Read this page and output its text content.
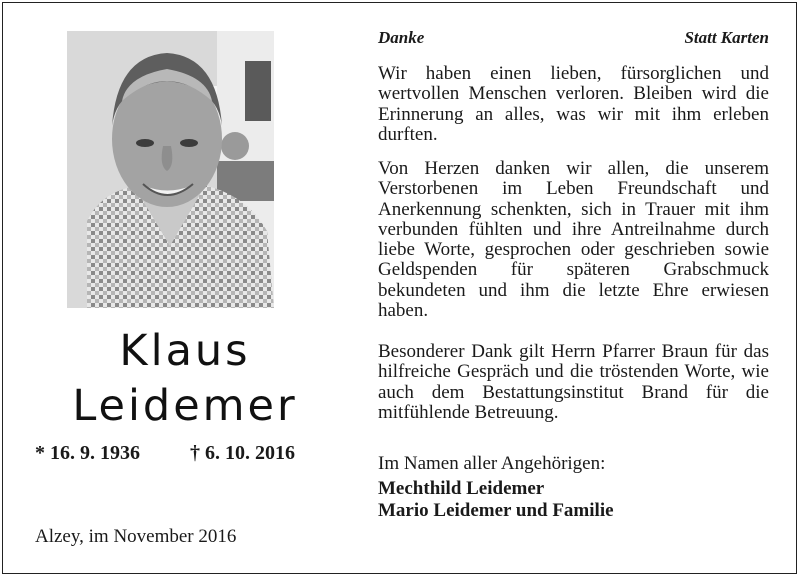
Klaus
Leidemer
* 16. 9. 1936	† 6. 10. 2016
Alzey, im November 2016
Danke	Statt Karten

Wir haben einen lieben, fürsorglichen und wertvollen Menschen verloren. Bleiben wird die Erinnerung an alles, was wir mit ihm erleben durften.

Von Herzen danken wir allen, die unserem Verstorbenen im Leben Freundschaft und Anerkennung schenkten, sich in Trauer mit ihm verbunden fühlten und ihre Antreilnahme durch liebe Worte, gesprochen oder geschrieben sowie Geldspenden für späteren Grabschmuck bekundeten und ihm die letzte Ehre erwiesen haben.

Besonderer Dank gilt Herrn Pfarrer Braun für das hilfreiche Gespräch und die tröstenden Worte, wie auch dem Bestattungsinstitut Brand für die mitfühlende Betreuung.

Im Namen aller Angehörigen:
Mechthild Leidemer
Mario Leidemer und Familie
